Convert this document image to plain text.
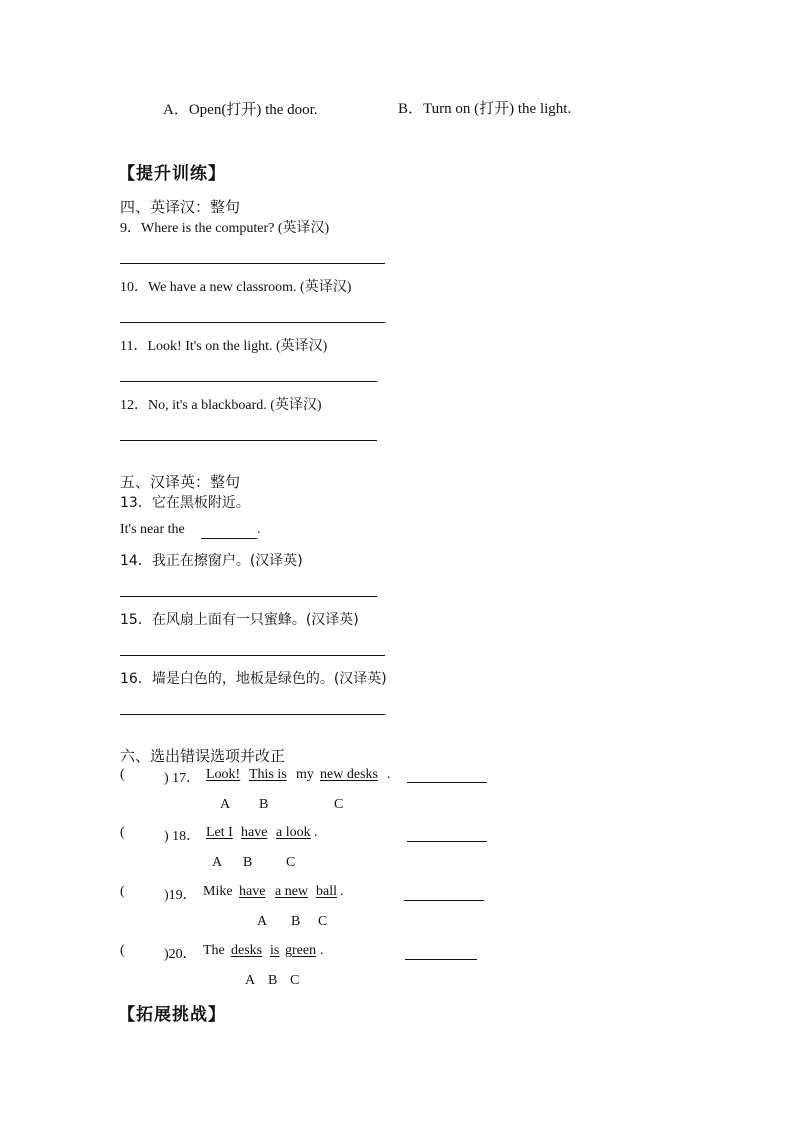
A．Open(打开) the door.	B．Turn on (打开) the light.
【提升训练】
四、英译汉：整句
9．Where is the computer? (英译汉)
10．We have a new classroom. (英译汉)
11．Look! It's on the light. (英译汉)
12．No, it's a blackboard. (英译汉)
五、汉译英：整句
13．它在黑板附近。
It's near the	.
14．我正在擦窗户。(汉译英)
15．在风扇上面有一只蜜蜂。(汉译英)
16．墙是白色的，地板是绿色的。(汉译英)
六、选出错误选项并改正
(	) 17． Look! This is my new desks .
A B	C
(	) 18． Let I have a look .
A B C
(	)19． Mike have a new ball .
A B C
(	)20． The desks is green .
A B C
【拓展挑战】
